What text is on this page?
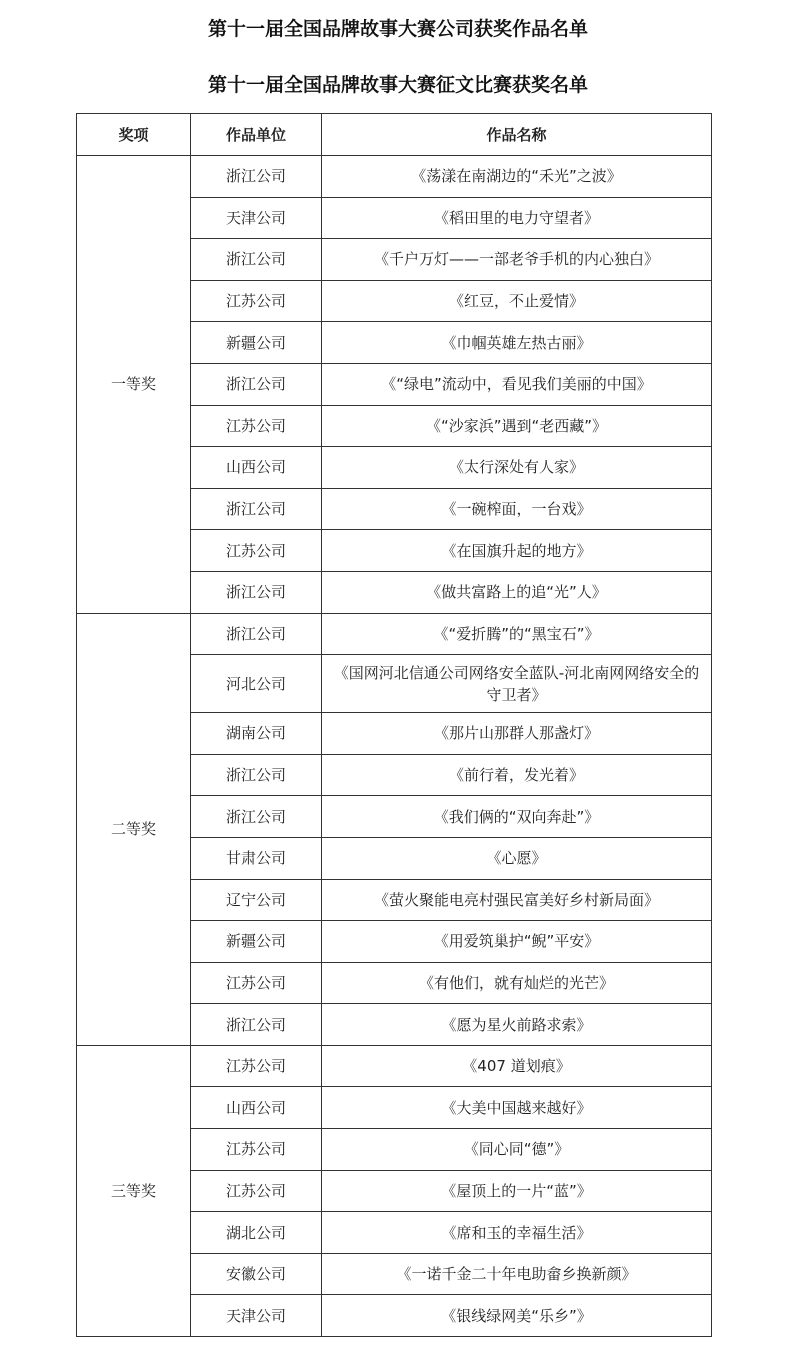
第十一届全国品牌故事大赛公司获奖作品名单
第十一届全国品牌故事大赛征文比赛获奖名单
奖项	作品单位	作品名称
一等奖	浙江公司	《荡漾在南湖边的“禾光”之波》
	天津公司	《稻田里的电力守望者》
	浙江公司	《千户万灯——一部老爷手机的内心独白》
	江苏公司	《红豆，不止爱情》
	新疆公司	《巾帼英雄左热古丽》
	浙江公司	《“绿电”流动中，看见我们美丽的中国》
	江苏公司	《“沙家浜”遇到“老西藏”》
	山西公司	《太行深处有人家》
	浙江公司	《一碗榨面，一台戏》
	江苏公司	《在国旗升起的地方》
	浙江公司	《做共富路上的追“光”人》
二等奖	浙江公司	《“爱折腾”的“黑宝石”》
	河北公司	《国网河北信通公司网络安全蓝队-河北南网网络安全的守卫者》
	湖南公司	《那片山那群人那盏灯》
	浙江公司	《前行着，发光着》
	浙江公司	《我们俩的“双向奔赴”》
	甘肃公司	《心愿》
	辽宁公司	《萤火聚能电亮村强民富美好乡村新局面》
	新疆公司	《用爱筑巢护“鲵”平安》
	江苏公司	《有他们，就有灿烂的光芒》
	浙江公司	《愿为星火前路求索》
三等奖	江苏公司	《407 道划痕》
	山西公司	《大美中国越来越好》
	江苏公司	《同心同“德”》
	江苏公司	《屋顶上的一片“蓝”》
	湖北公司	《席和玉的幸福生活》
	安徽公司	《一诺千金二十年电助畲乡换新颜》
	天津公司	《银线绿网美“乐乡”》
